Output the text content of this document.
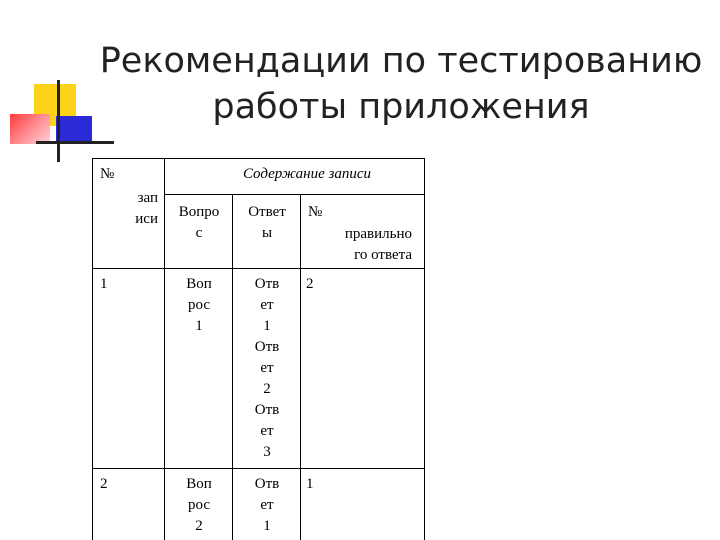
Рекомендации по тестированию
работы приложения
№
зап
иси
Содержание записи
Вопро
с
Ответ
ы
№
правильно
го ответа
1	Воп
рос
1
Отв
ет
1
Отв
ет
2
Отв
ет
3
2
2	Воп
рос
2
Отв
ет
1
1
